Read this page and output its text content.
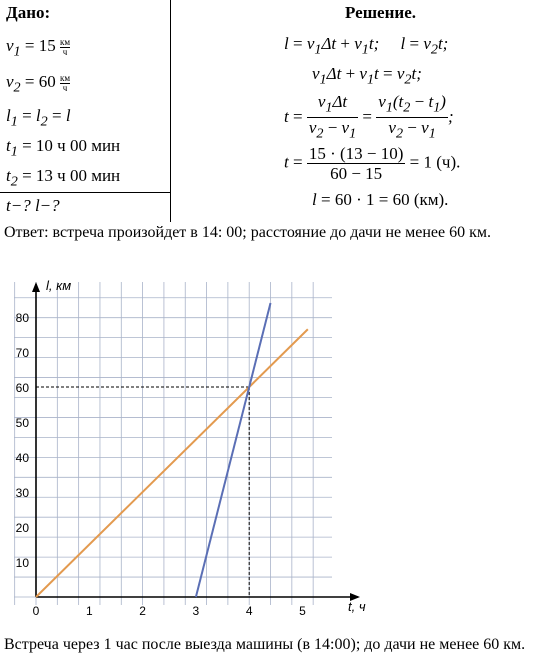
Дано:
$v_1 = 15 \frac{км}{ч}$
$v_2 = 60 \frac{км}{ч}$
$l_1 = l_2 = l$
$t_1 = 10$ ч 00 мин
$t_2 = 13$ ч 00 мин
t−? l−?
Решение.
$l = v_1\Delta t + v_1t$;     $l = v_2t$;
$v_1\Delta t + v_1t = v_2t$;
$t = \frac{v_1\Delta t}{v_2 - v_1} = \frac{v_1(t_2 - t_1)}{v_2 - v_1}$ ;
$t = \frac{15 \cdot (13 - 10)}{60 - 15} = 1$ (ч).
l = 60 · 1 = 60 (км).
Ответ: встреча произойдет в 14: 00; расстояние до дачи не менее 60 км.
l, км
t, ч
10
20
30
40
50
60
70
80
0	1	2	3	4	5
Встреча через 1 час после выезда машины (в 14:00); до дачи не менее 60 км.
